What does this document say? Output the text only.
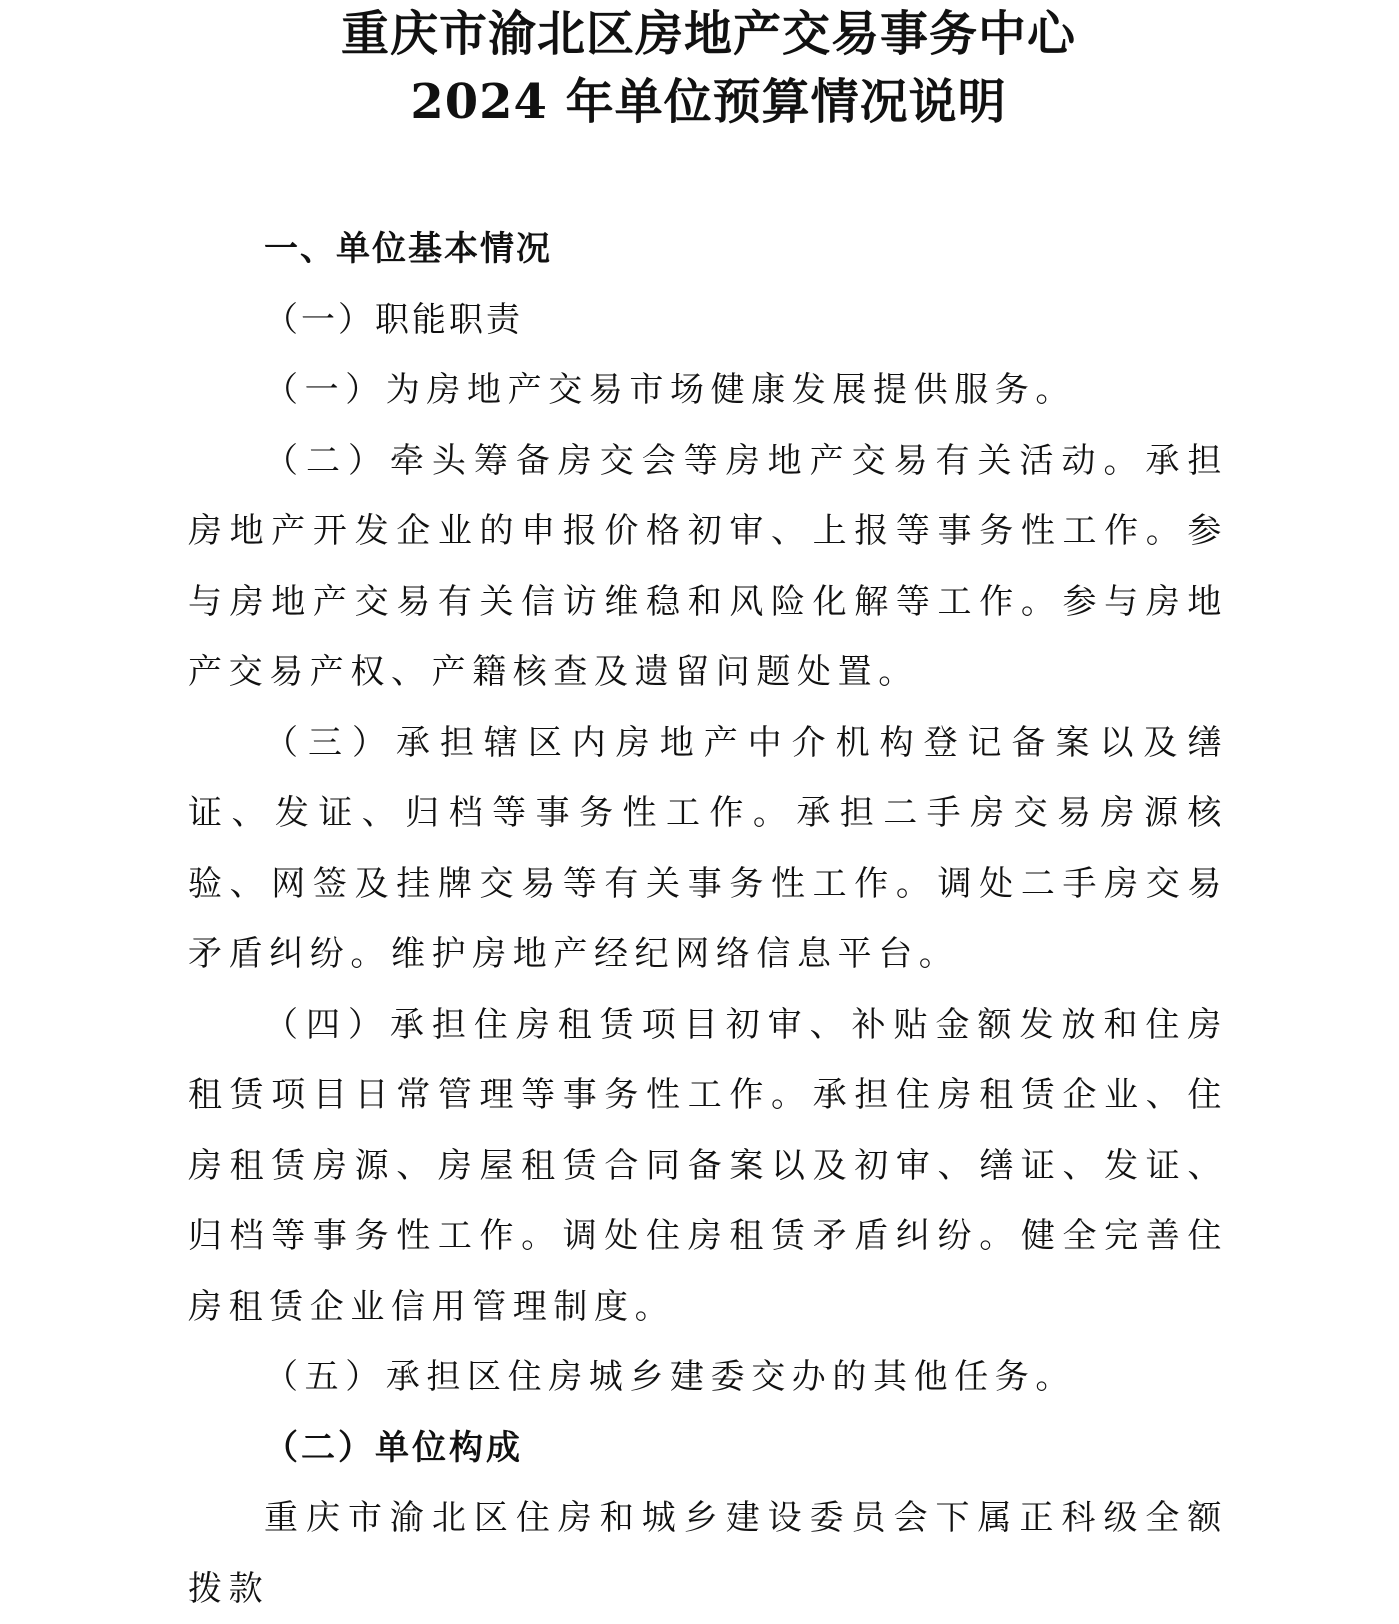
重庆市渝北区房地产交易事务中心
2024 年单位预算情况说明

一、单位基本情况

（一）职能职责

（一）为房地产交易市场健康发展提供服务。

（二）牵头筹备房交会等房地产交易有关活动。承担房地产开发企业的申报价格初审、上报等事务性工作。参与房地产交易有关信访维稳和风险化解等工作。参与房地产交易产权、产籍核查及遗留问题处置。

（三）承担辖区内房地产中介机构登记备案以及缮证、发证、归档等事务性工作。承担二手房交易房源核验、网签及挂牌交易等有关事务性工作。调处二手房交易矛盾纠纷。维护房地产经纪网络信息平台。

（四）承担住房租赁项目初审、补贴金额发放和住房租赁项目日常管理等事务性工作。承担住房租赁企业、住房租赁房源、房屋租赁合同备案以及初审、缮证、发证、归档等事务性工作。调处住房租赁矛盾纠纷。健全完善住房租赁企业信用管理制度。

（五）承担区住房城乡建委交办的其他任务。

（二）单位构成

重庆市渝北区住房和城乡建设委员会下属正科级全额拨款
